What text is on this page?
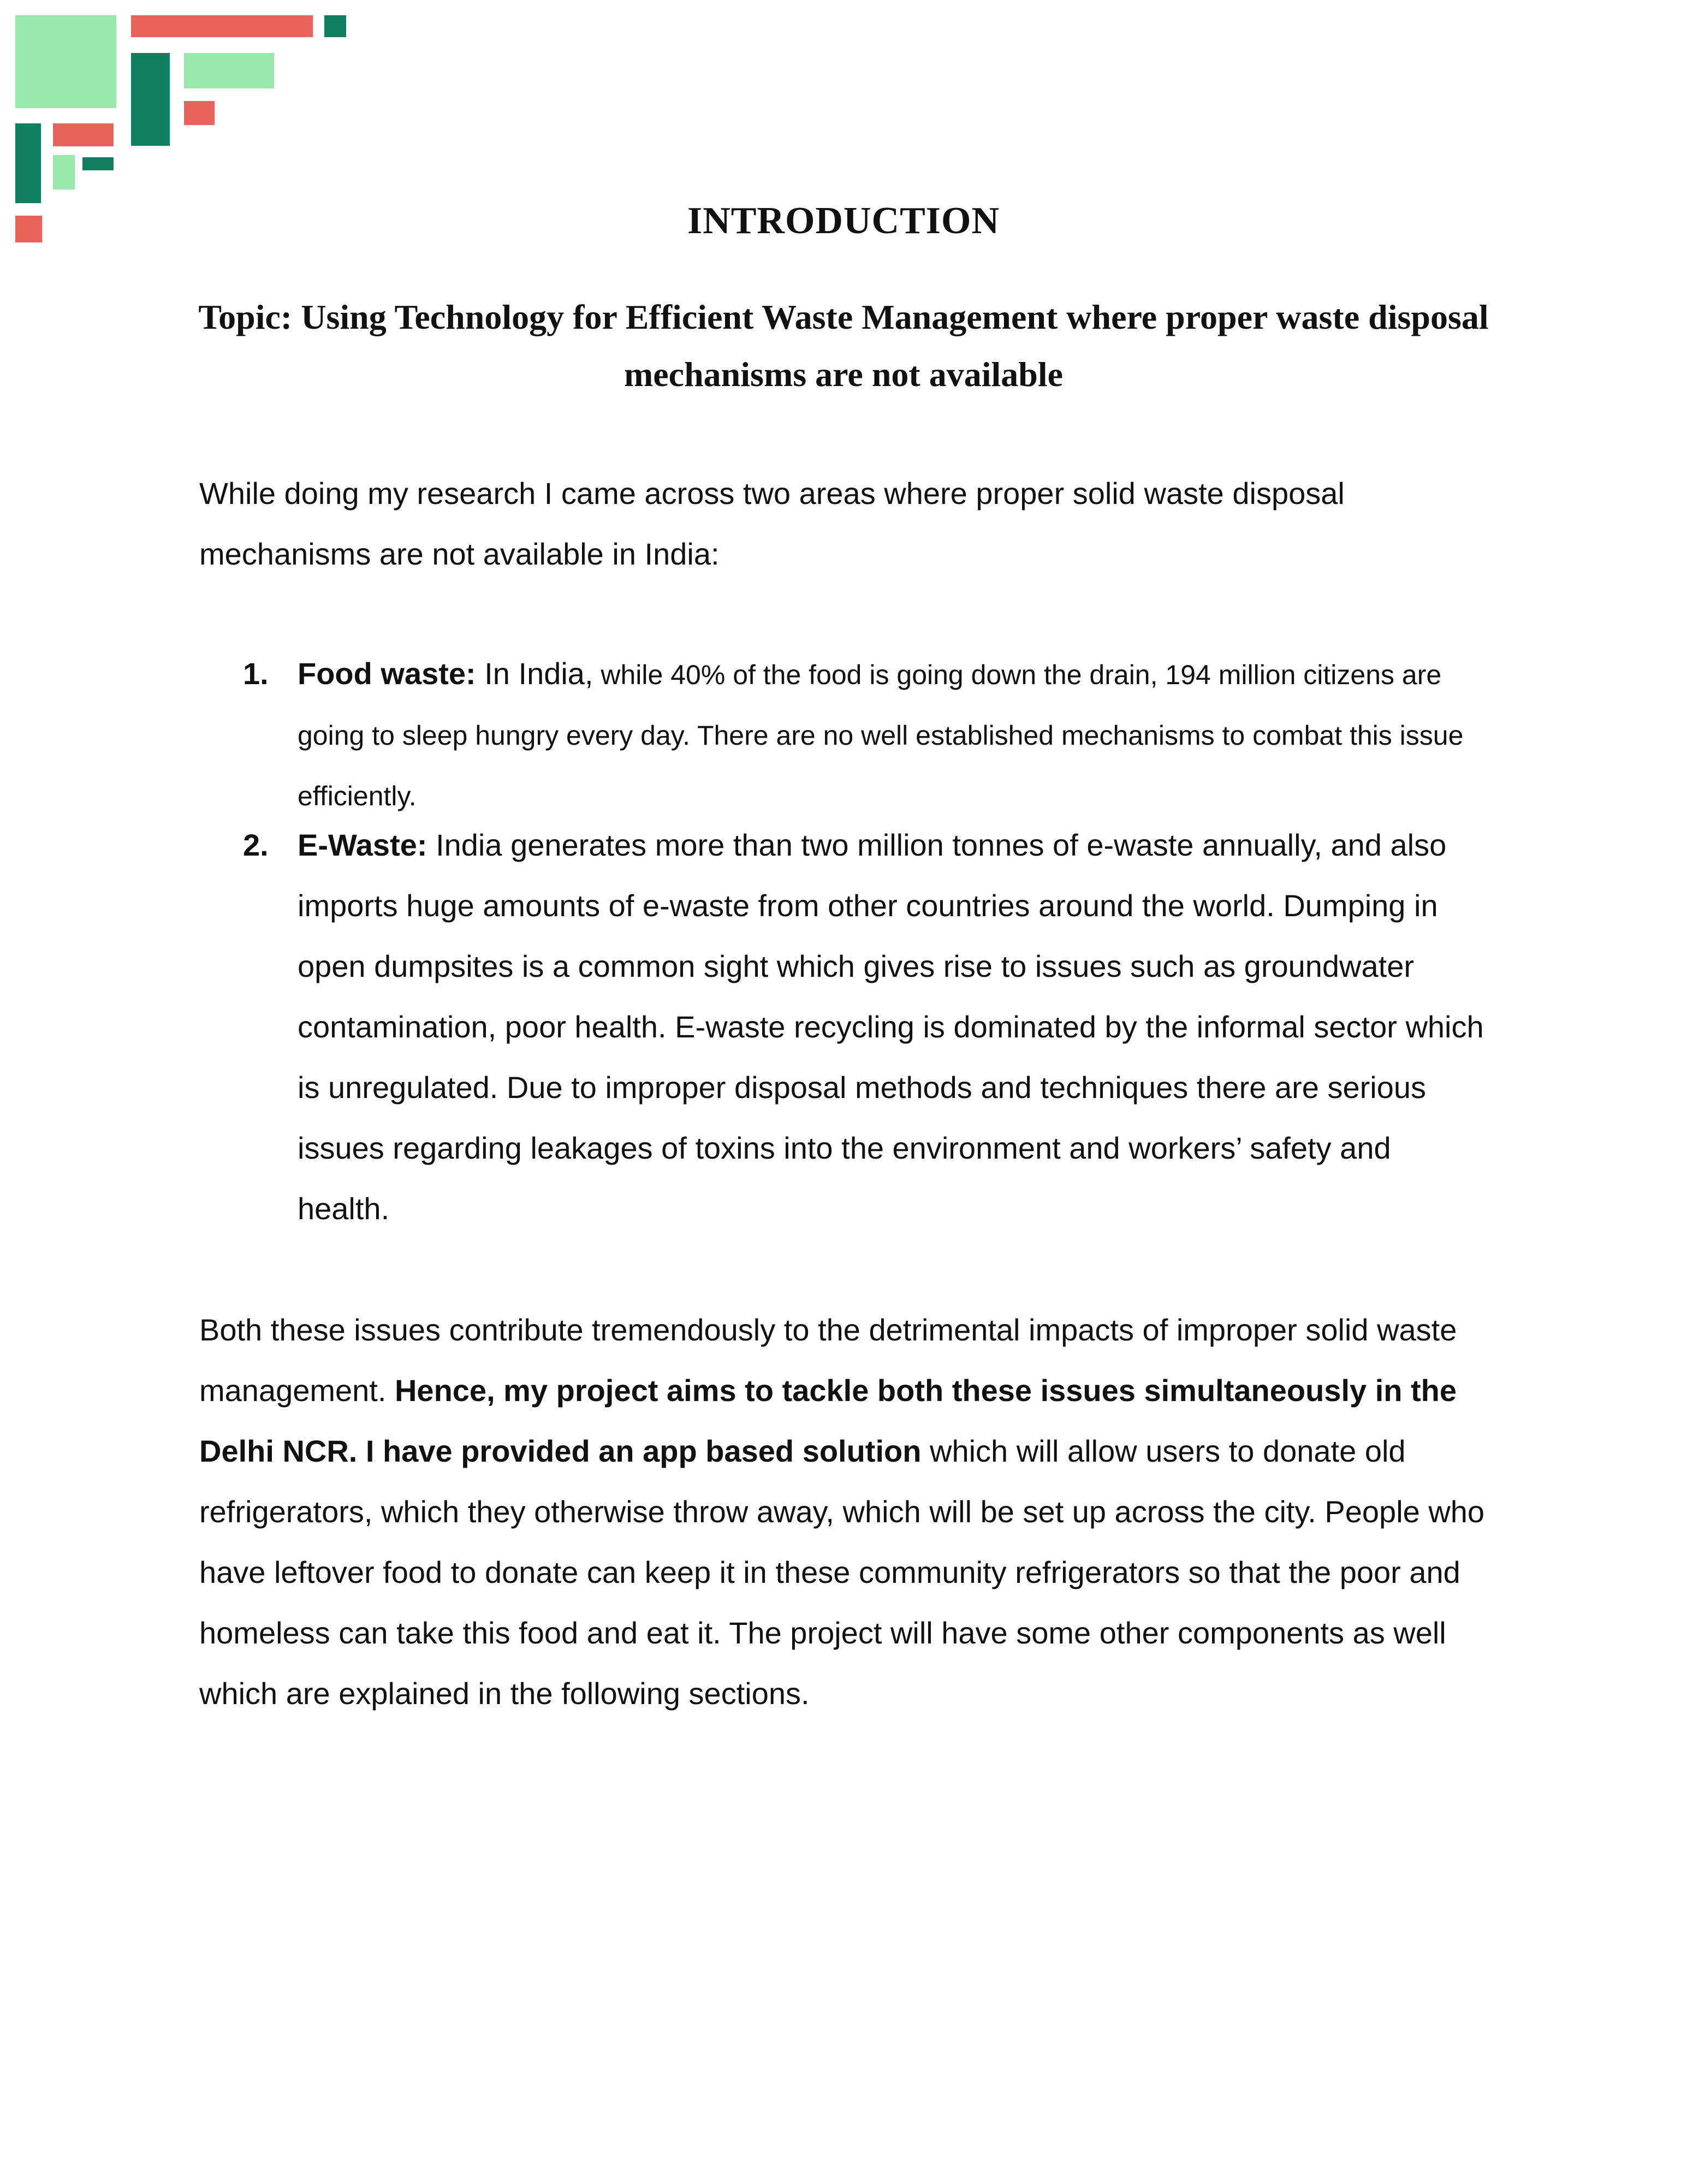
INTRODUCTION
Topic: Using Technology for Efficient Waste Management where proper waste disposal mechanisms are not available

While doing my research I came across two areas where proper solid waste disposal mechanisms are not available in India:

1. Food waste: In India, while 40% of the food is going down the drain, 194 million citizens are going to sleep hungry every day. There are no well established mechanisms to combat this issue efficiently.
2. E-Waste: India generates more than two million tonnes of e-waste annually, and also imports huge amounts of e-waste from other countries around the world. Dumping in open dumpsites is a common sight which gives rise to issues such as groundwater contamination, poor health. E-waste recycling is dominated by the informal sector which is unregulated. Due to improper disposal methods and techniques there are serious issues regarding leakages of toxins into the environment and workers’ safety and health.

Both these issues contribute tremendously to the detrimental impacts of improper solid waste management. Hence, my project aims to tackle both these issues simultaneously in the Delhi NCR. I have provided an app based solution which will allow users to donate old refrigerators, which they otherwise throw away, which will be set up across the city. People who have leftover food to donate can keep it in these community refrigerators so that the poor and homeless can take this food and eat it. The project will have some other components as well which are explained in the following sections.
